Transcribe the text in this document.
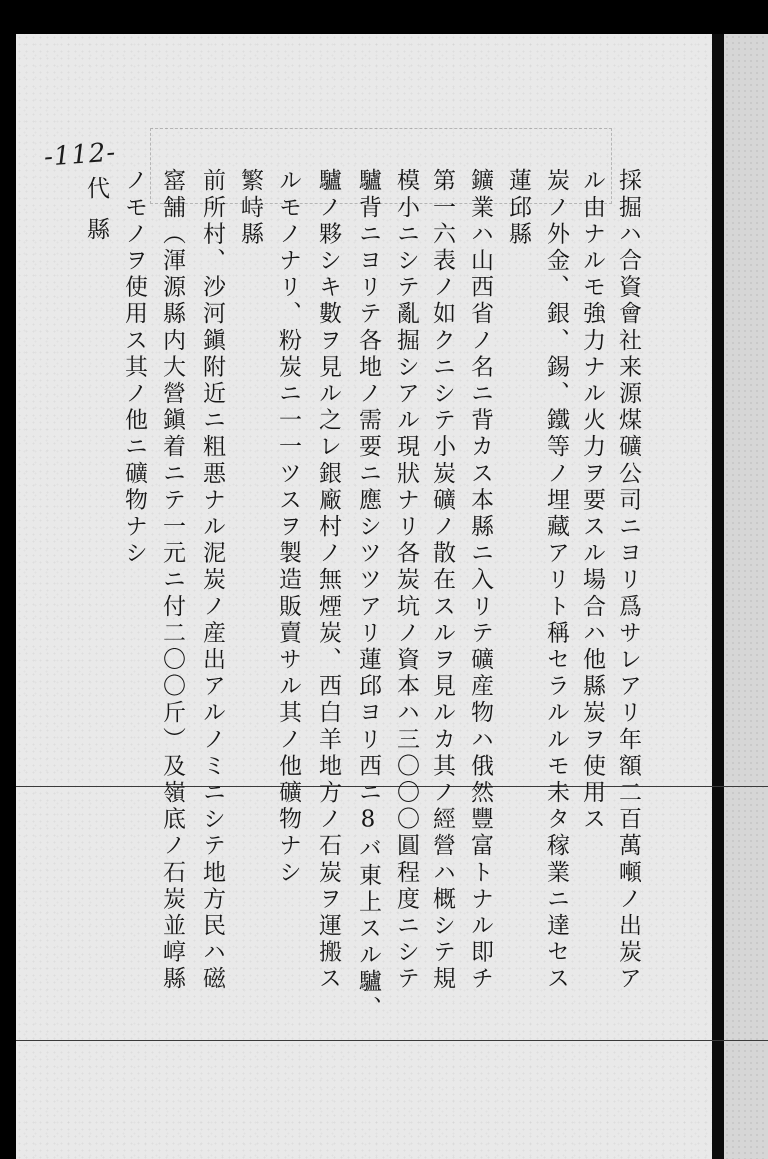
-112-
採掘ハ合資會社来源煤礦公司ニヨリ爲サレアリ年額二百萬噸ノ出炭ア
ル由ナルモ強力ナル火力ヲ要スル場合ハ他縣炭ヲ使用ス
炭ノ外金、銀、錫、鐵等ノ埋藏アリト稱セラルルモ未タ稼業ニ達セス
蓮邱縣
鑛業ハ山西省ノ名ニ背カス本縣ニ入リテ礦産物ハ俄然豐富トナル即チ
第一六表ノ如クニシテ小炭礦ノ散在スルヲ見ルカ其ノ經營ハ概シテ規
模小ニシテ亂掘シアル現狀ナリ各炭坑ノ資本ハ三〇〇〇圓程度ニシテ
驢背ニヨリテ各地ノ需要ニ應シツツアリ蓮邱ヨリ西ニ8バ東上スル驢、
驢ノ夥シキ數ヲ見ル之レ銀廠村ノ無煙炭、西白羊地方ノ石炭ヲ運搬ス
ルモノナリ、粉炭ニ一一ツスヲ製造販賣サル其ノ他礦物ナシ
繁峙縣
前所村、沙河鎭附近ニ粗悪ナル泥炭ノ産出アルノミニシテ地方民ハ磁
窰舗（渾源縣内大營鎭着ニテ一元ニ付二〇〇斤）及嶺底ノ石炭並崞縣
ノモノヲ使用ス其ノ他ニ礦物ナシ
代縣
